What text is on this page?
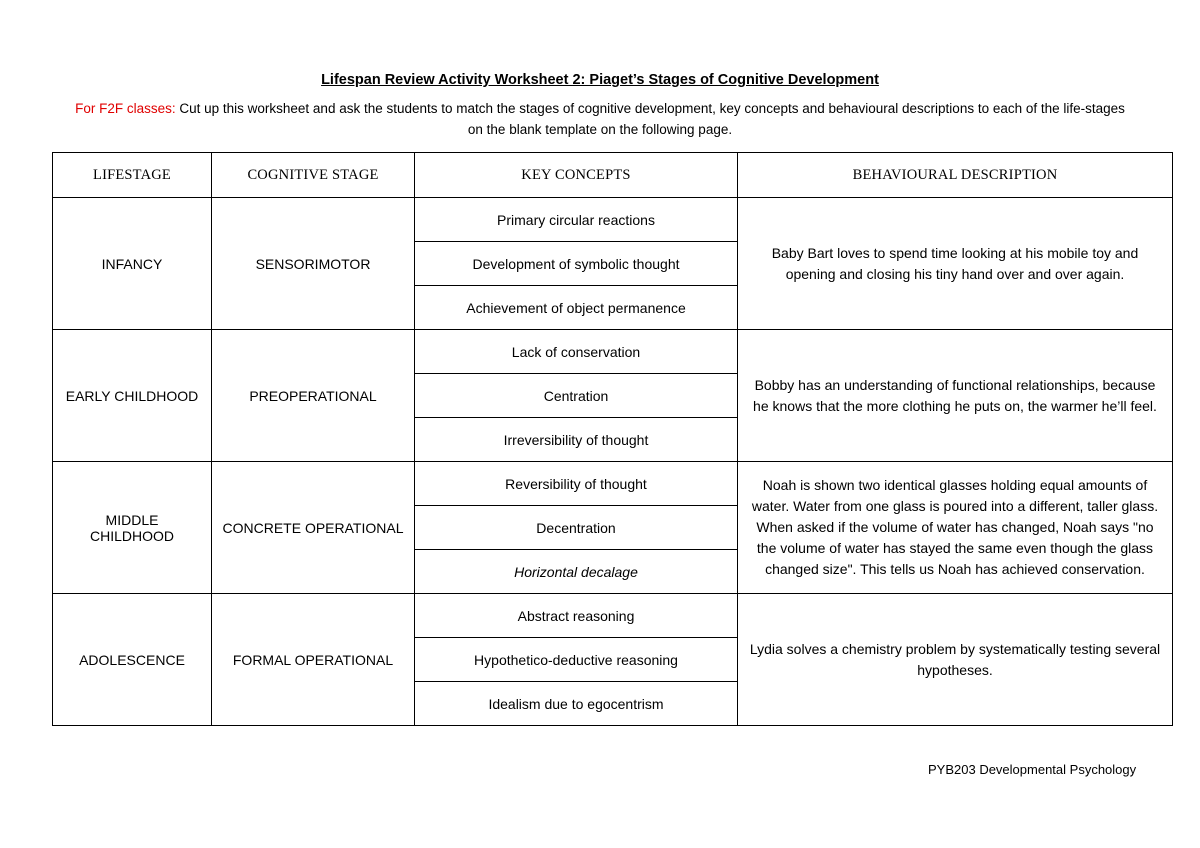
Lifespan Review Activity Worksheet 2: Piaget’s Stages of Cognitive Development
For F2F classes: Cut up this worksheet and ask the students to match the stages of cognitive development, key concepts and behavioural descriptions to each of the life-stages on the blank template on the following page.
LIFESTAGE	COGNITIVE STAGE	KEY CONCEPTS	BEHAVIOURAL DESCRIPTION
INFANCY	SENSORIMOTOR	Primary circular reactions	Baby Bart loves to spend time looking at his mobile toy and opening and closing his tiny hand over and over again.
		Development of symbolic thought	
		Achievement of object permanence	
EARLY CHILDHOOD	PREOPERATIONAL	Lack of conservation	Bobby has an understanding of functional relationships, because he knows that the more clothing he puts on, the warmer he’ll feel.
		Centration	
		Irreversibility of thought	
MIDDLE CHILDHOOD	CONCRETE OPERATIONAL	Reversibility of thought	Noah is shown two identical glasses holding equal amounts of water. Water from one glass is poured into a different, taller glass. When asked if the volume of water has changed, Noah says "no the volume of water has stayed the same even though the glass changed size". This tells us Noah has achieved conservation.
		Decentration	
		Horizontal decalage	
ADOLESCENCE	FORMAL OPERATIONAL	Abstract reasoning	Lydia solves a chemistry problem by systematically testing several hypotheses.
		Hypothetico-deductive reasoning	
		Idealism due to egocentrism	
PYB203 Developmental Psychology
